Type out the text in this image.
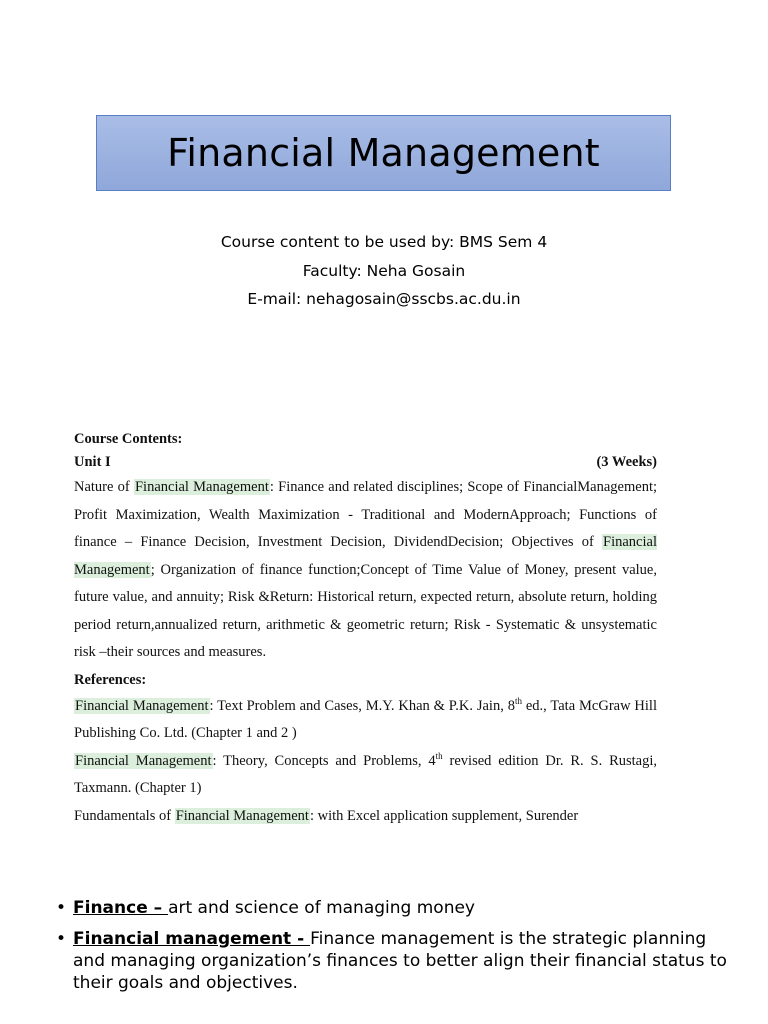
Financial Management
Course content to be used by: BMS Sem 4
Faculty: Neha Gosain
E-mail: nehagosain@sscbs.ac.du.in
Course Contents:
Unit I	(3 Weeks)
Nature of Financial Management: Finance and related disciplines; Scope of FinancialManagement; Profit Maximization, Wealth Maximization - Traditional and ModernApproach; Functions of finance – Finance Decision, Investment Decision, DividendDecision; Objectives of Financial Management; Organization of finance function;Concept of Time Value of Money, present value, future value, and annuity; Risk &Return: Historical return, expected return, absolute return, holding period return,annualized return, arithmetic & geometric return; Risk - Systematic & unsystematic risk –their sources and measures.
References:
Financial Management: Text Problem and Cases, M.Y. Khan & P.K. Jain, 8th ed., Tata McGraw Hill Publishing Co. Ltd. (Chapter 1 and 2 )
Financial Management: Theory, Concepts and Problems, 4th revised edition Dr. R. S. Rustagi, Taxmann. (Chapter 1)
Fundamentals of Financial Management: with Excel application supplement, Surender
• Finance – art and science of managing money
• Financial management - Finance management is the strategic planning and managing organization’s finances to better align their financial status to their goals and objectives.
